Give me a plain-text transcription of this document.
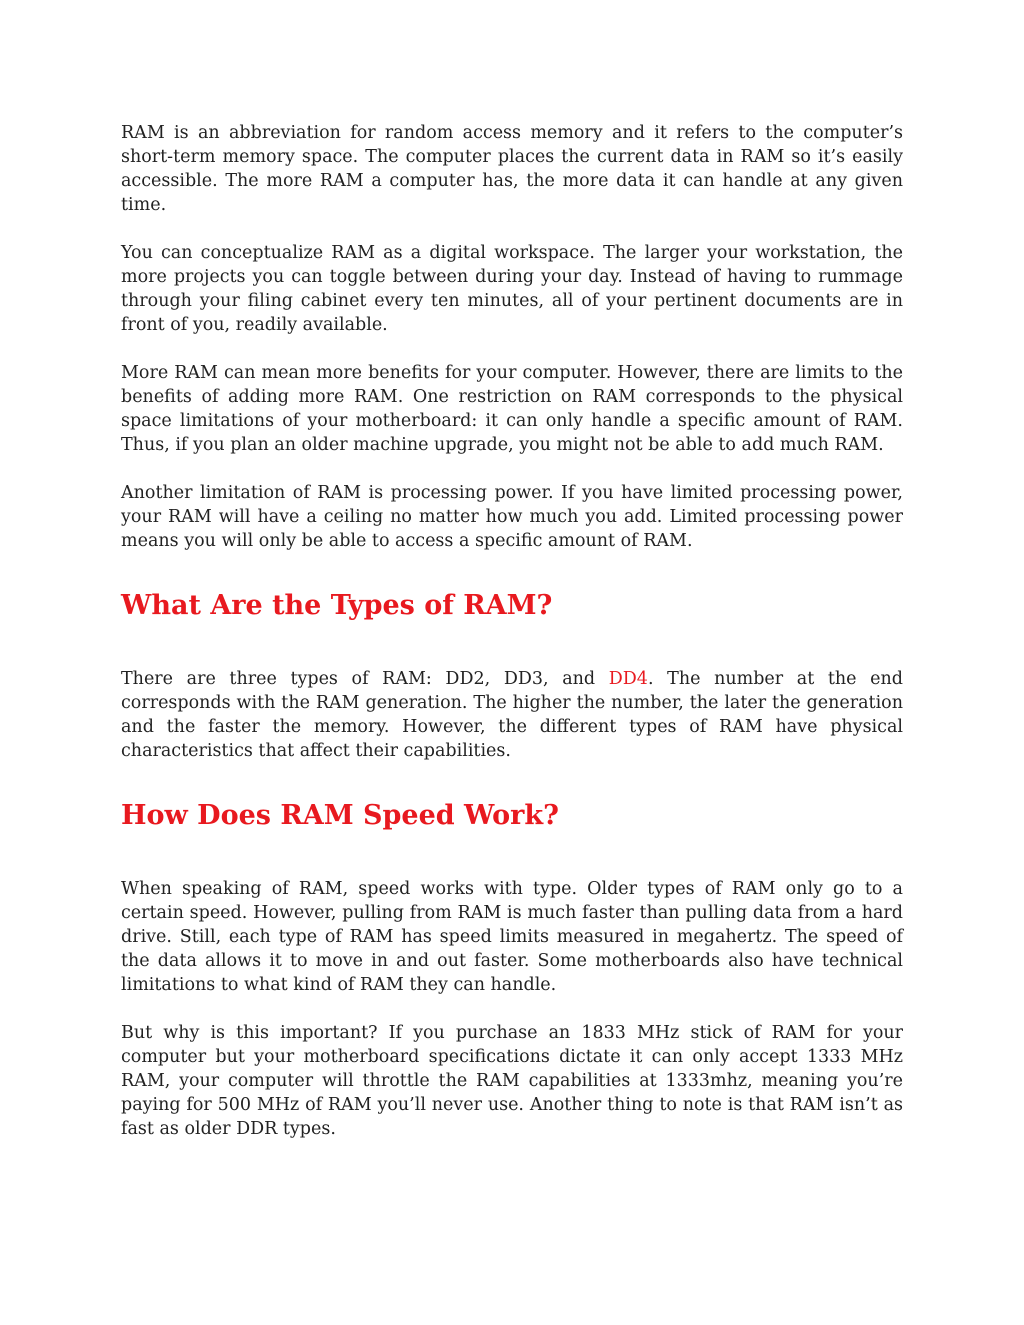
RAM is an abbreviation for random access memory and it refers to the computer’s short-term memory space. The computer places the current data in RAM so it’s easily accessible. The more RAM a computer has, the more data it can handle at any given time.

You can conceptualize RAM as a digital workspace. The larger your workstation, the more projects you can toggle between during your day. Instead of having to rummage through your filing cabinet every ten minutes, all of your pertinent documents are in front of you, readily available.

More RAM can mean more benefits for your computer. However, there are limits to the benefits of adding more RAM. One restriction on RAM corresponds to the physical space limitations of your motherboard: it can only handle a specific amount of RAM. Thus, if you plan an older machine upgrade, you might not be able to add much RAM.

Another limitation of RAM is processing power. If you have limited processing power, your RAM will have a ceiling no matter how much you add. Limited processing power means you will only be able to access a specific amount of RAM.

What Are the Types of RAM?

There are three types of RAM: DD2, DD3, and DD4. The number at the end corresponds with the RAM generation. The higher the number, the later the generation and the faster the memory. However, the different types of RAM have physical characteristics that affect their capabilities.

How Does RAM Speed Work?

When speaking of RAM, speed works with type. Older types of RAM only go to a certain speed. However, pulling from RAM is much faster than pulling data from a hard drive. Still, each type of RAM has speed limits measured in megahertz. The speed of the data allows it to move in and out faster. Some motherboards also have technical limitations to what kind of RAM they can handle.

But why is this important? If you purchase an 1833 MHz stick of RAM for your computer but your motherboard specifications dictate it can only accept 1333 MHz RAM, your computer will throttle the RAM capabilities at 1333mhz, meaning you’re paying for 500 MHz of RAM you’ll never use. Another thing to note is that RAM isn’t as fast as older DDR types.
